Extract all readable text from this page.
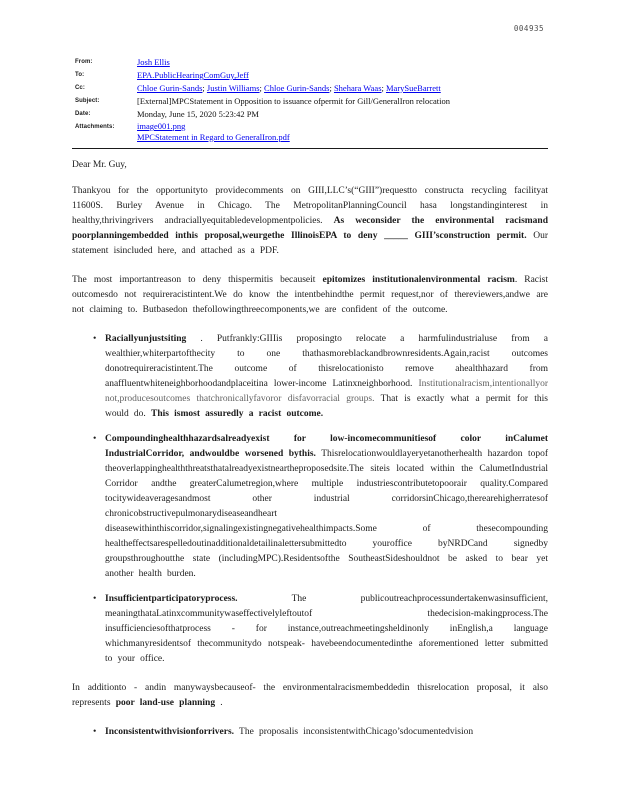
004935
From:	Josh Ellis
To:	EPA.PublicHearingComGuy,Jeff
Cc:	Chloe Gurin-Sands; Justin Williams; Chloe Gurin-Sands; Shehara Waas; MarySueBarrett
Subject:	[External]MPCStatement in Opposition to issuance ofpermit for Gill/GeneralIron relocation
Date:	Monday, June 15, 2020 5:23:42 PM
Attachments:	image001.png
MPCStatement in Regard to GeneralIron.pdf

Dear Mr. Guy,

Thankyou for the opportunityto providecomments on GIII,LLC’s(“GIII”)requestto constructa recycling facilityat 11600S. Burley Avenue in Chicago. The MetropolitanPlanningCouncil hasa longstandinginterest in healthy,thrivingrivers andraciallyequitabledevelopmentpolicies. As weconsider the environmental racismand poorplanningembedded inthis proposal,weurgethe IllinoisEPA to deny _____ GIII’sconstruction permit. Our statement isincluded here, and attached as a PDF.

The most importantreason to deny thispermitis becauseit epitomizes institutionalenvironmental racism. Racist outcomesdo not requireracistintent.We do know the intentbehindthe permit request,nor of thereviewers,andwe are not claiming to. Butbasedon thefollowingthreecomponents,we are confident of the outcome.

• Raciallyunjustsiting . Putfrankly:GIIIis proposingto relocate a harmfulindustrialuse from a wealthier,whiterpartofthecity to one thathasmoreblackandbrownresidents.Again,racist outcomes donotrequireracistintent.The outcome of thisrelocationisto remove ahealthhazard from anaffluentwhiteneighborhoodandplaceitina lower-income Latinxneighborhood. Institutionalracism,intentionallyor not,producesoutcomes thatchronicallyfavoror disfavorracial groups. That is exactly what a permit for this would do. This ismost assuredly a racist outcome.
• Compoundinghealthhazardsalreadyexist for low-incomecommunitiesof color inCalumet IndustrialCorridor, andwouldbe worsened bythis. Thisrelocationwouldlayeryetanotherhealth hazardon topof theoverlappinghealththreatsthatalreadyexistneartheproposedsite.The siteis located within the CalumetIndustrial Corridor andthe greaterCalumetregion,where multiple industriescontributetopoorair quality.Compared tocitywideaveragesandmost other industrial corridorsinChicago,therearehigherratesof chronicobstructivepulmonarydiseaseandheart diseasewithinthiscorridor,signalingexistingnegativehealthimpacts.Some of thesecompounding healtheffectsarespelledoutinadditionaldetailinalettersubmittedto youroffice byNRDCand signedby groupsthroughoutthe state (includingMPC).Residentsofthe SoutheastSideshouldnot be asked to bear yet another health burden.
• Insufficientparticipatoryprocess. The publicoutreachprocessundertakenwasinsufficient, meaningthataLatinxcommunitywaseffectivelyleftoutof thedecision-makingprocess.The insufficienciesofthatprocess - for instance,outreachmeetingsheldinonly inEnglish,a language whichmanyresidentsof thecommunitydo notspeak- havebeendocumentedinthe aforementioned letter submitted to your office.

In additionto - andin manywaysbecauseof- the environmentalracismembeddedin thisrelocation proposal, it also represents poor land-use planning .

• Inconsistentwithvisionforrivers. The proposalis inconsistentwithChicago’sdocumentedvision
